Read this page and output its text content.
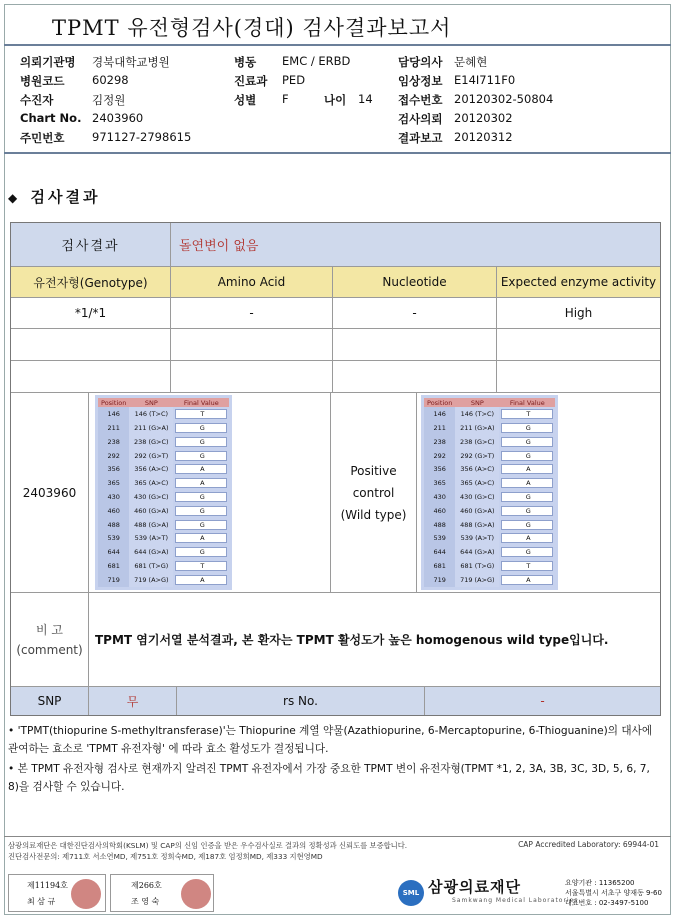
TPMT 유전형검사(경대) 검사결과보고서
의뢰기관명 경북대학교병원	병동 EMC / ERBD	담당의사 문혜현
병원코드 60298	진료과 PED	임상정보 E14I711F0
수진자	김정원	성별 F	나이 14 접수번호 20120302-50804
Chart No. 2403960	검사의뢰 20120302
주민번호 971127-2798615	결과보고 20120312
◆ 검사결과
검사결과	돌연변이 없음
유전자형(Genotype)	Amino Acid	Nucleotide	Expected enzyme activity
*1/*1	-	-	High
2403960
Position	SNP	Final Value
146	146 (T>C)	T

211	211 (G>A)	G

238	238 (G>C)	G

292	292 (G>T)	G

356	356 (A>C)	A

365	365 (A>C)	A

430	430 (G>C)	G

460	460 (G>A)	G

488	488 (G>A)	G

539	539 (A>T)	A

644	644 (G>A)	G

681	681 (T>G)	T

719	719 (A>G)	A
Positive control (Wild type)
Position	SNP	Final Value
146	146 (T>C)	T

211	211 (G>A)	G

238	238 (G>C)	G

292	292 (G>T)	G

356	356 (A>C)	A

365	365 (A>C)	A

430	430 (G>C)	G

460	460 (G>A)	G

488	488 (G>A)	G

539	539 (A>T)	A

644	644 (G>A)	G

681	681 (T>G)	T

719	719 (A>G)	A
비 고
(comment)
TPMT 염기서열 분석결과, 본 환자는 TPMT 활성도가 높은 homogenous wild type입니다.
SNP	무	rs No.	-

• 'TPMT(thiopurine S-methyltransferase)'는 Thiopurine 계열 약물(Azathiopurine, 6-Mercaptopurine, 6-Thioguanine)의 대사에 관여하는 효소로 'TPMT 유전자형' 에 따라 효소 활성도가 결정됩니다.

• 본 TPMT 유전자형 검사로 현재까지 알려진 TPMT 유전자에서 가장 중요한 TPMT 변이 유전자형(TPMT *1, 2, 3A, 3B, 3C, 3D, 5, 6, 7, 8)을 검사할 수 있습니다.

삼광의료재단은 대한진단검사의학회(KSLM) 및 CAP의 신임 인증을 받은 우수검사실로 결과의 정확성과 신뢰도를 보증합니다.
진단검사전문의: 제711호 서소연MD, 제751호 정희숙MD, 제187호 엄정희MD, 제333 지현영MD
CAP Accredited Laboratory: 69944-01
제11194호
최 삼 규
제266호
조 영 숙
SML 삼광의료재단
Samkwang Medical Laboratories
요양기관 : 11365200
서울특별시 서초구 양재동 9-60
대표번호 : 02-3497-5100
